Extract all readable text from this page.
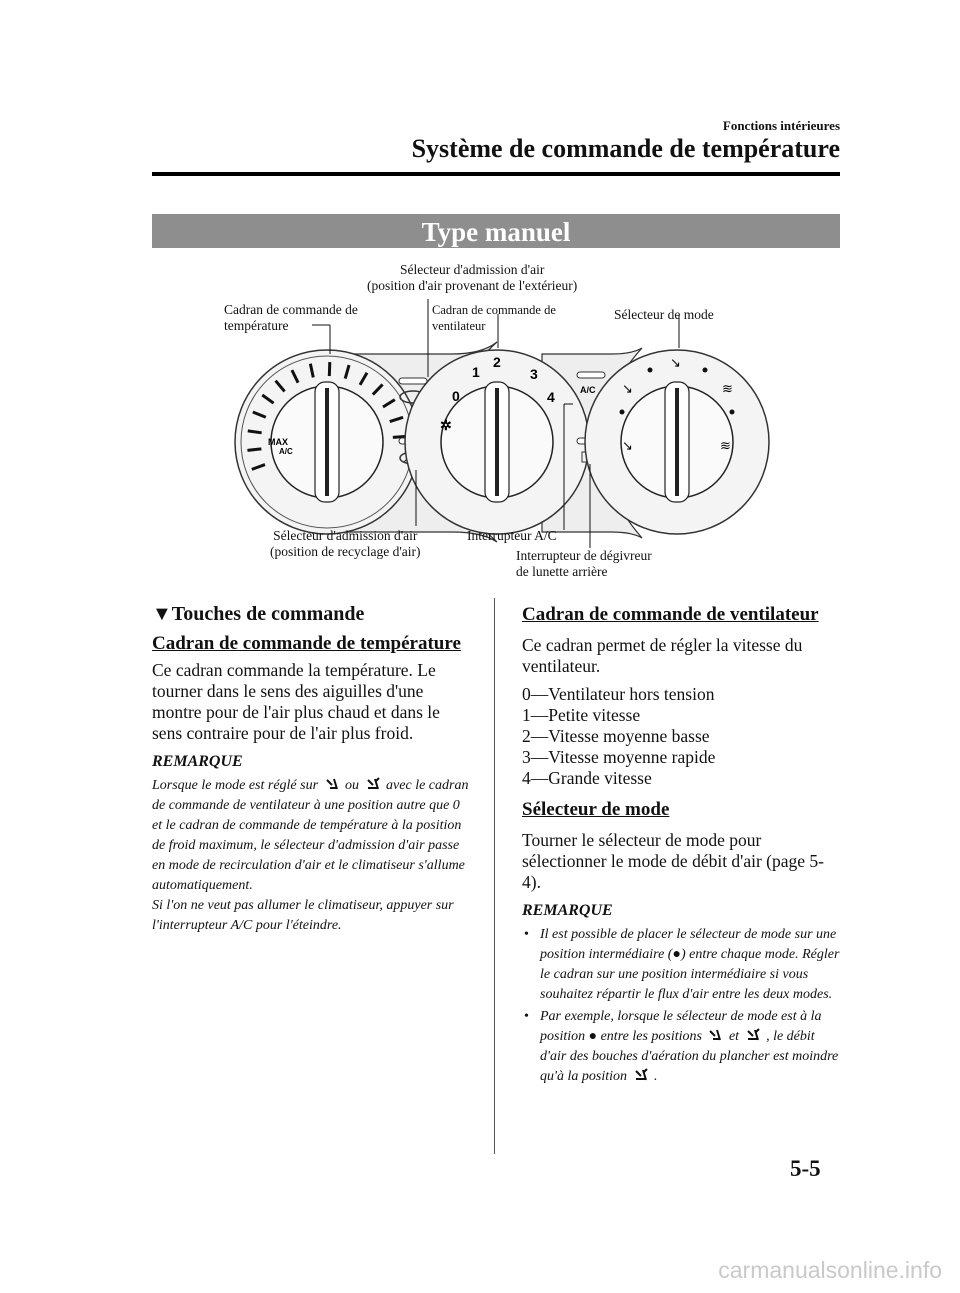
Fonctions intérieures
Système de commande de température
Type manuel
MAX
A/C
0
1
2
3
4
✲
A/C
↘
↘	≋
↘	≋
Sélecteur d'admission d'air
(position d'air provenant de l'extérieur)
Cadran de commande de
température
Cadran de commande de
ventilateur
Sélecteur de mode
Sélecteur d'admission d'air
(position de recyclage d'air)
Interrupteur A/C
Interrupteur de dégivreur
de lunette arrière
▼Touches de commande
Cadran de commande de température
Ce cadran commande la température. Le tourner dans le sens des aiguilles d'une montre pour de l'air plus chaud et dans le sens contraire pour de l'air plus froid.
REMARQUE
Lorsque le mode est réglé sur ou avec le cadran de commande de ventilateur à une position autre que 0 et le cadran de commande de température à la position de froid maximum, le sélecteur d'admission d'air passe en mode de recirculation d'air et le climatiseur s'allume automatiquement.
Si l'on ne veut pas allumer le climatiseur, appuyer sur l'interrupteur A/C pour l'éteindre.
Cadran de commande de ventilateur
Ce cadran permet de régler la vitesse du ventilateur.
0―Ventilateur hors tension
1―Petite vitesse
2―Vitesse moyenne basse
3―Vitesse moyenne rapide
4―Grande vitesse
Sélecteur de mode
Tourner le sélecteur de mode pour sélectionner le mode de débit d'air (page 5-4).
REMARQUE
• Il est possible de placer le sélecteur de mode sur une position intermédiaire (●) entre chaque mode. Régler le cadran sur une position intermédiaire si vous souhaitez répartir le flux d'air entre les deux modes.
• Par exemple, lorsque le sélecteur de mode est à la position ● entre les positions et , le débit d'air des bouches d'aération du plancher est moindre qu'à la position .
5-5
carmanualsonline.info
